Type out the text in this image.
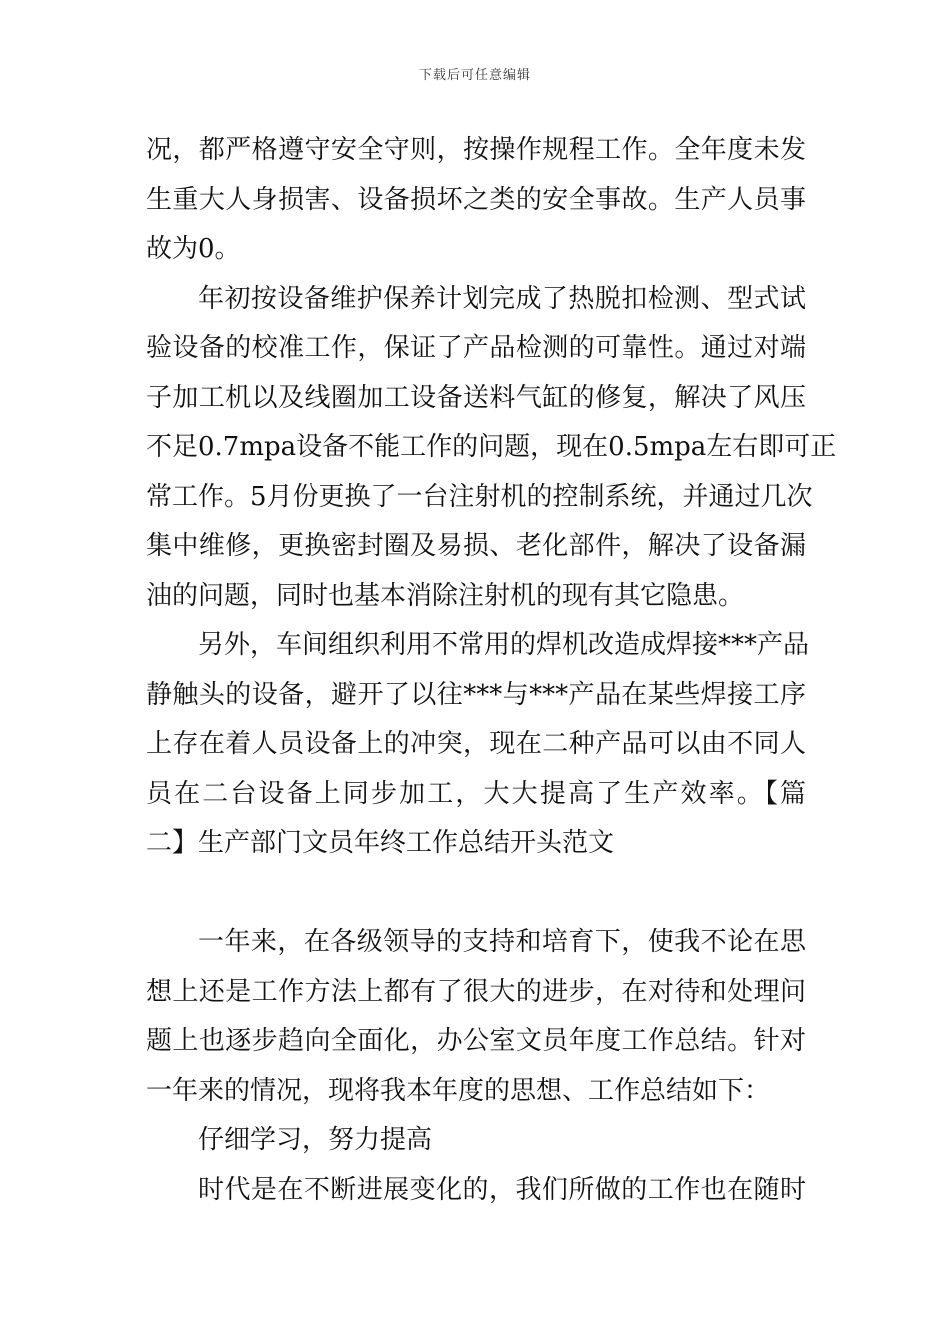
下载后可任意编辑
况，都严格遵守安全守则，按操作规程工作。全年度未发
生重大人身损害、设备损坏之类的安全事故。生产人员事
故为0。
年初按设备维护保养计划完成了热脱扣检测、型式试
验设备的校准工作，保证了产品检测的可靠性。通过对端
子加工机以及线圈加工设备送料气缸的修复，解决了风压
不足0.7mpa设备不能工作的问题，现在0.5mpa左右即可正
常工作。5月份更换了一台注射机的控制系统，并通过几次
集中维修，更换密封圈及易损、老化部件，解决了设备漏
油的问题，同时也基本消除注射机的现有其它隐患。
另外，车间组织利用不常用的焊机改造成焊接***产品
静触头的设备，避开了以往***与***产品在某些焊接工序
上存在着人员设备上的冲突，现在二种产品可以由不同人
员在二台设备上同步加工，大大提高了生产效率。【篇
二】生产部门文员年终工作总结开头范文
一年来，在各级领导的支持和培育下，使我不论在思
想上还是工作方法上都有了很大的进步，在对待和处理问
题上也逐步趋向全面化，办公室文员年度工作总结。针对
一年来的情况，现将我本年度的思想、工作总结如下：
仔细学习，努力提高
时代是在不断进展变化的，我们所做的工作也在随时
